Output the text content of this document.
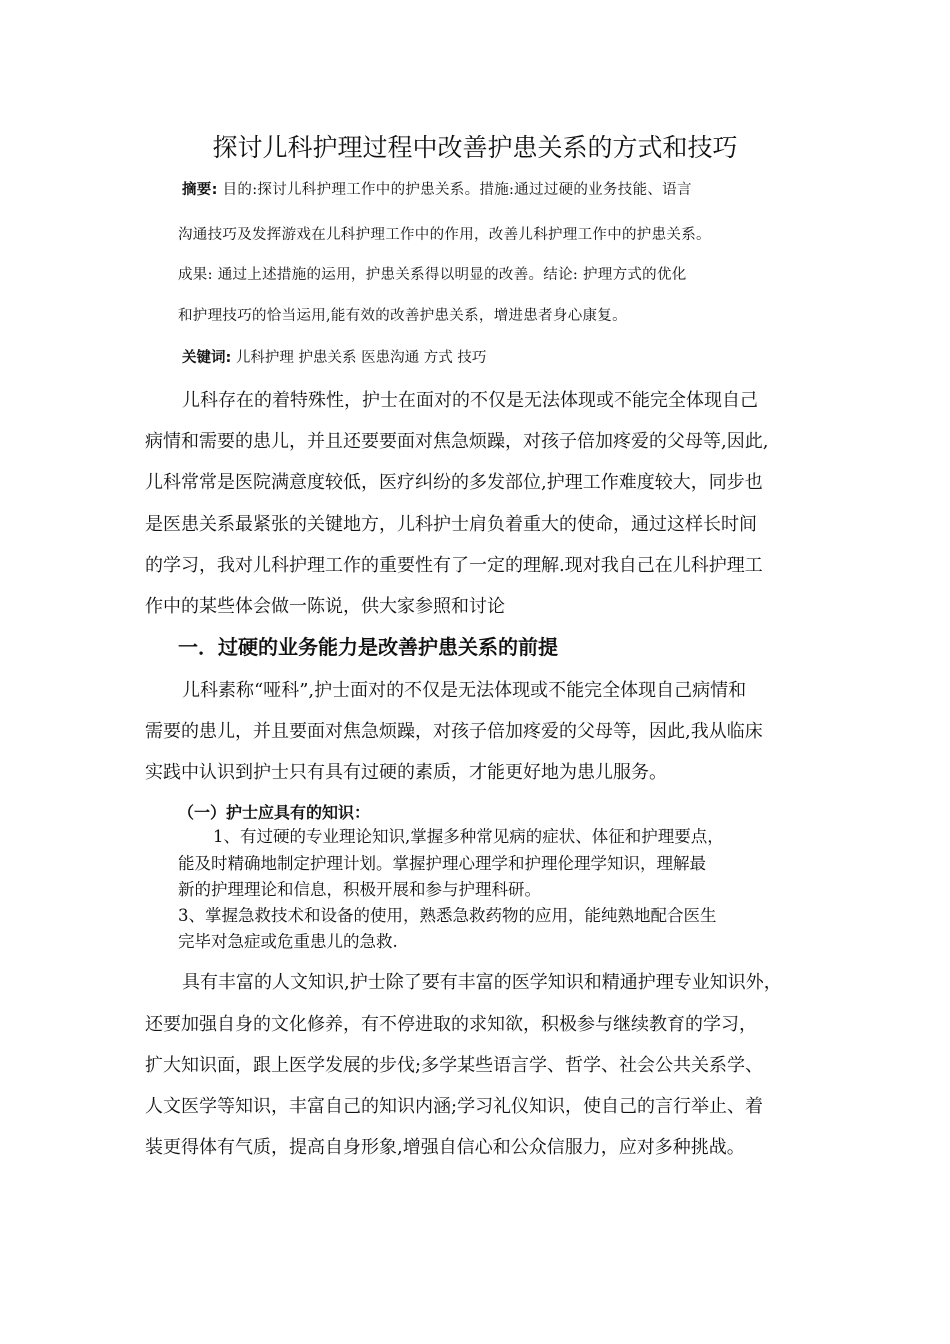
探讨儿科护理过程中改善护患关系的方式和技巧
摘要: 目的:探讨儿科护理工作中的护患关系。措施:通过过硬的业务技能、语言
沟通技巧及发挥游戏在儿科护理工作中的作用，改善儿科护理工作中的护患关系。
成果: 通过上述措施的运用，护患关系得以明显的改善。结论: 护理方式的优化
和护理技巧的恰当运用,能有效的改善护患关系，增进患者身心康复。
关键词: 儿科护理 护患关系 医患沟通 方式 技巧
儿科存在的着特殊性，护士在面对的不仅是无法体现或不能完全体现自己
病情和需要的患儿，并且还要要面对焦急烦躁，对孩子倍加疼爱的父母等,因此,
儿科常常是医院满意度较低，医疗纠纷的多发部位,护理工作难度较大，同步也
是医患关系最紧张的关键地方，儿科护士肩负着重大的使命，通过这样长时间
的学习，我对儿科护理工作的重要性有了一定的理解.现对我自己在儿科护理工
作中的某些体会做一陈说，供大家参照和讨论
一．过硬的业务能力是改善护患关系的前提
儿科素称“哑科”,护士面对的不仅是无法体现或不能完全体现自己病情和
需要的患儿，并且要面对焦急烦躁，对孩子倍加疼爱的父母等，因此,我从临床
实践中认识到护士只有具有过硬的素质，才能更好地为患儿服务。
（一）护士应具有的知识：
1、有过硬的专业理论知识,掌握多种常见病的症状、体征和护理要点，
能及时精确地制定护理计划。掌握护理心理学和护理伦理学知识，理解最
新的护理理论和信息，积极开展和参与护理科研。
3、掌握急救技术和设备的使用，熟悉急救药物的应用，能纯熟地配合医生
完毕对急症或危重患儿的急救.
具有丰富的人文知识,护士除了要有丰富的医学知识和精通护理专业知识外，
还要加强自身的文化修养，有不停进取的求知欲，积极参与继续教育的学习，
扩大知识面，跟上医学发展的步伐;多学某些语言学、哲学、社会公共关系学、
人文医学等知识，丰富自己的知识内涵;学习礼仪知识，使自己的言行举止、着
装更得体有气质，提高自身形象,增强自信心和公众信服力，应对多种挑战。
